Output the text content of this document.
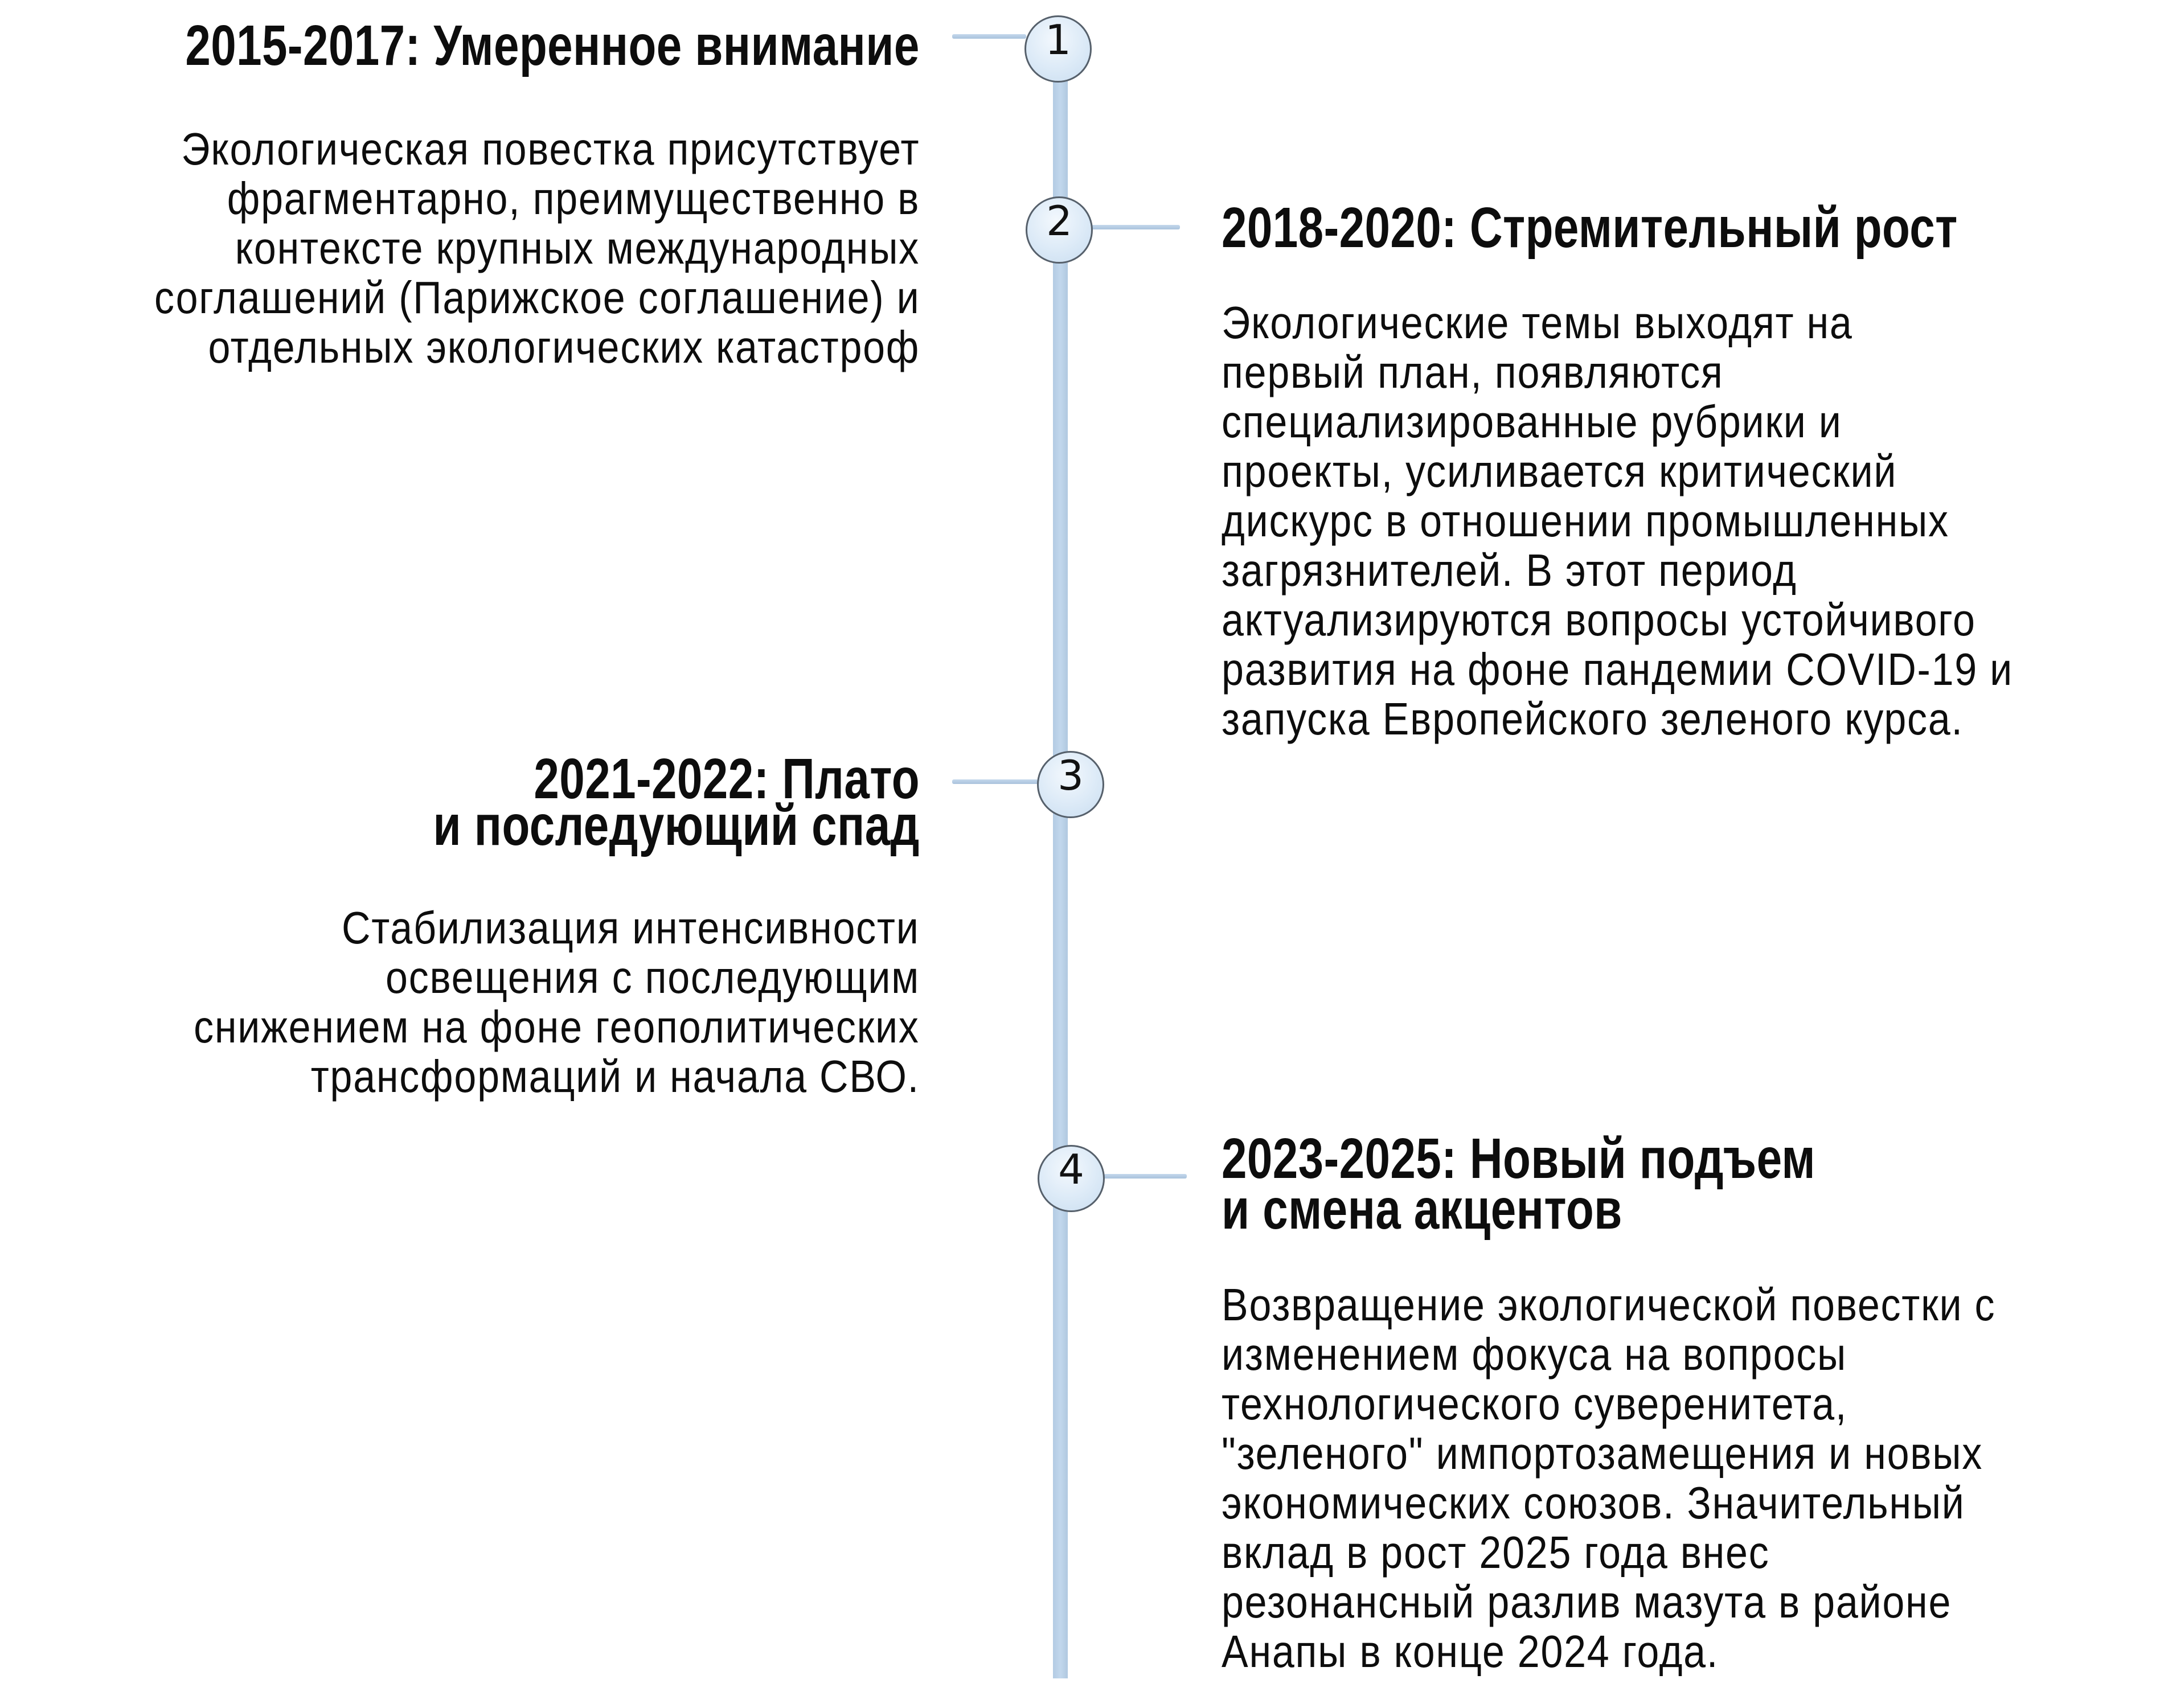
1
2
3
4
2015-2017: Умеренное внимание
Экологическая повестка присутствует
фрагментарно, преимущественно в
контексте крупных международных
соглашений (Парижское соглашение) и
отдельных экологических катастроф
2021-2022: Плато
и последующий спад
Стабилизация интенсивности
освещения с последующим
снижением на фоне геополитических
трансформаций и начала СВО.
2018-2020: Стремительный рост
Экологические темы выходят на
первый план, появляются
специализированные рубрики и
проекты, усиливается критический
дискурс в отношении промышленных
загрязнителей. В этот период
актуализируются вопросы устойчивого
развития на фоне пандемии COVID-19 и
запуска Европейского зеленого курса.
2023-2025: Новый подъем
и смена акцентов
Возвращение экологической повестки с
изменением фокуса на вопросы
технологического суверенитета,
"зеленого" импортозамещения и новых
экономических союзов. Значительный
вклад в рост 2025 года внес
резонансный разлив мазута в районе
Анапы в конце 2024 года.
